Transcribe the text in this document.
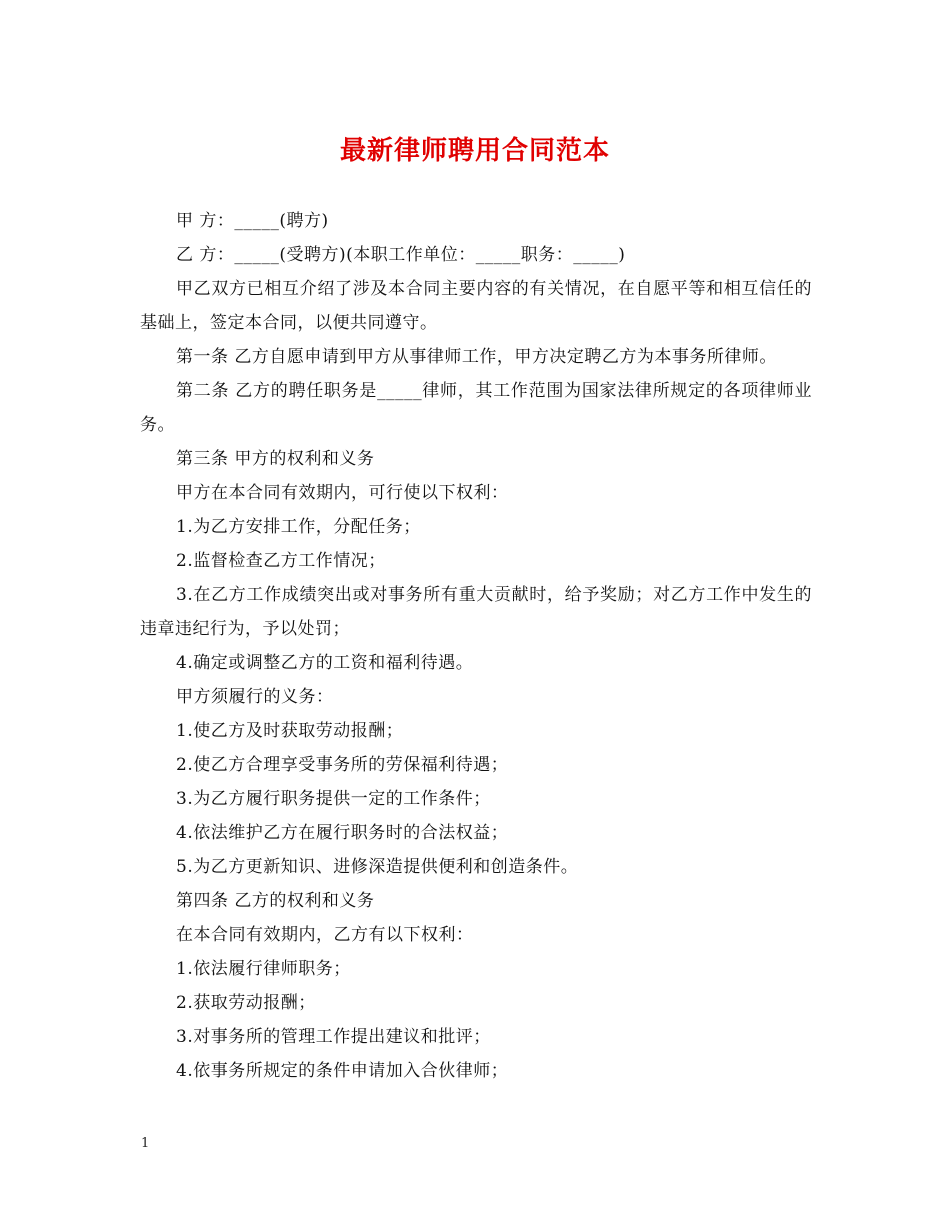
最新律师聘用合同范本

甲 方：_____(聘方)

乙 方：_____(受聘方)(本职工作单位：_____职务：_____)

甲乙双方已相互介绍了涉及本合同主要内容的有关情况，在自愿平等和相互信任的基础上，签定本合同，以便共同遵守。

第一条 乙方自愿申请到甲方从事律师工作，甲方决定聘乙方为本事务所律师。

第二条 乙方的聘任职务是_____律师，其工作范围为国家法律所规定的各项律师业务。

第三条 甲方的权利和义务

甲方在本合同有效期内，可行使以下权利：

1.为乙方安排工作，分配任务；

2.监督检查乙方工作情况；

3.在乙方工作成绩突出或对事务所有重大贡献时，给予奖励；对乙方工作中发生的违章违纪行为，予以处罚；

4.确定或调整乙方的工资和福利待遇。

甲方须履行的义务：

1.使乙方及时获取劳动报酬；

2.使乙方合理享受事务所的劳保福利待遇；

3.为乙方履行职务提供一定的工作条件；

4.依法维护乙方在履行职务时的合法权益；

5.为乙方更新知识、进修深造提供便利和创造条件。

第四条 乙方的权利和义务

在本合同有效期内，乙方有以下权利：

1.依法履行律师职务；

2.获取劳动报酬；

3.对事务所的管理工作提出建议和批评；

4.依事务所规定的条件申请加入合伙律师；

1
